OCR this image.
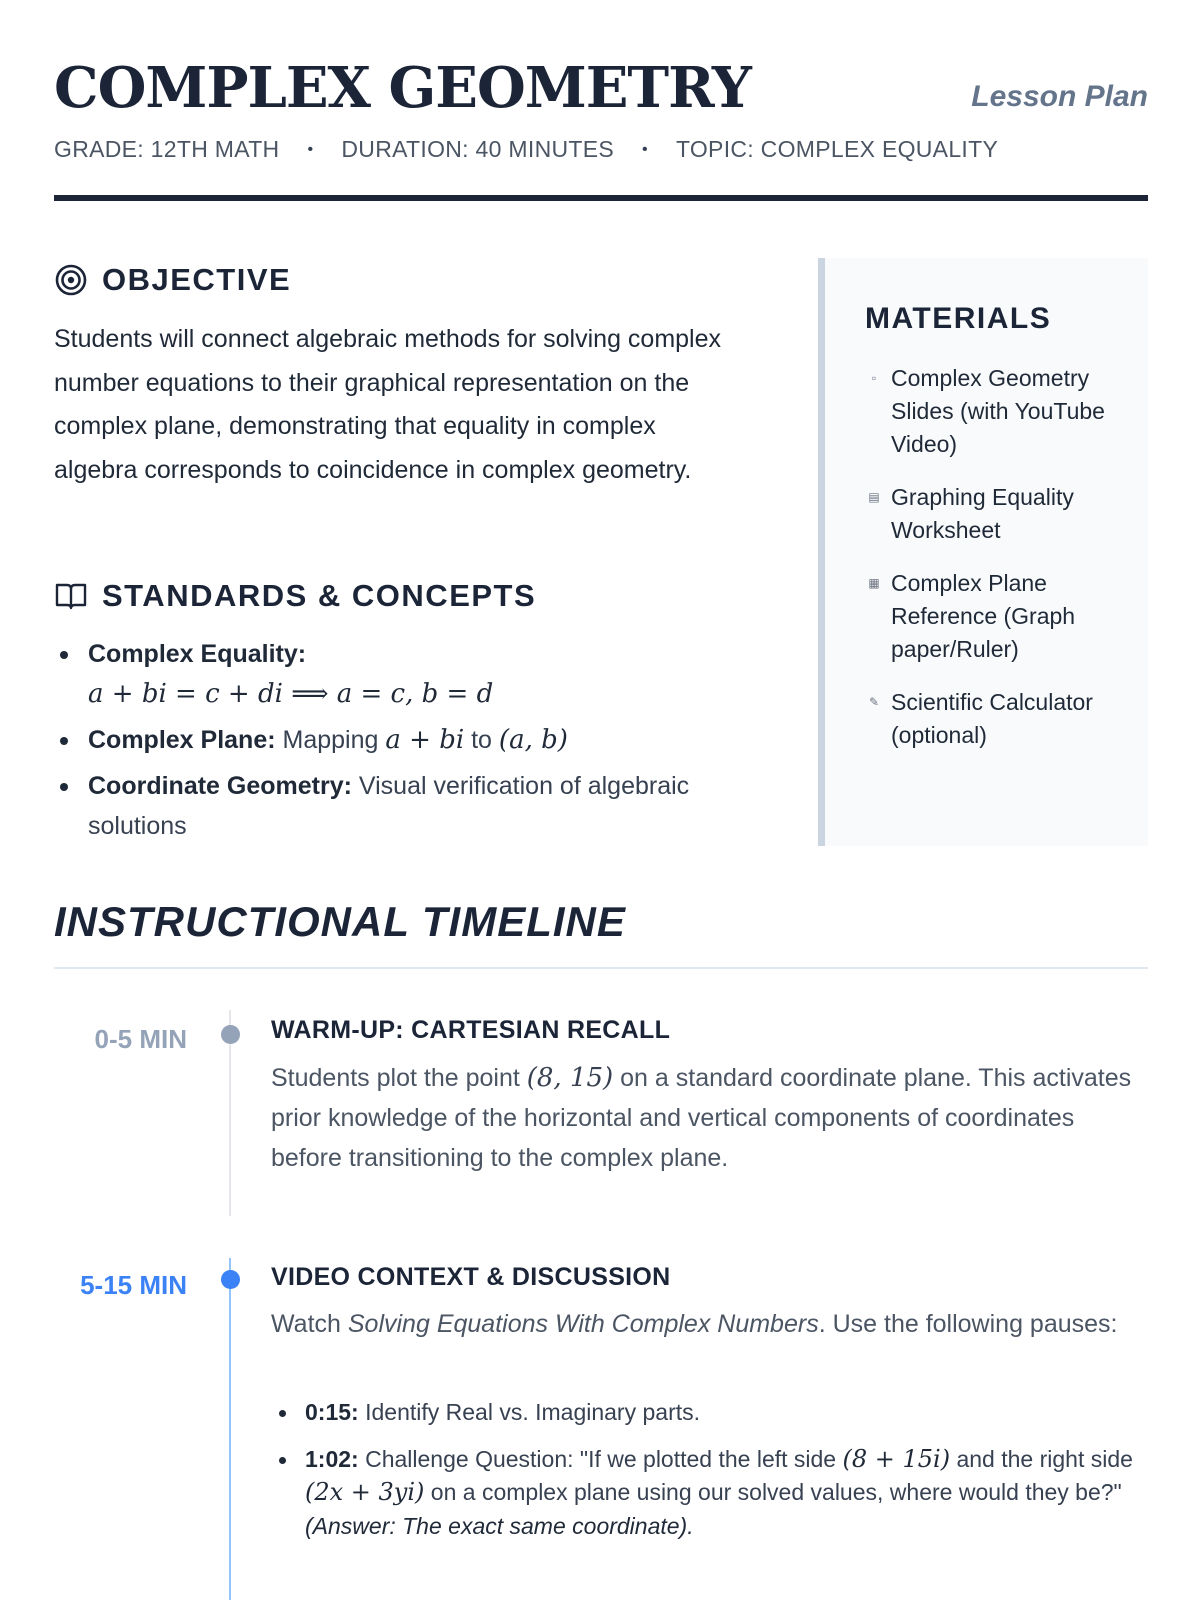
COMPLEX GEOMETRY	Lesson Plan
GRADE: 12TH MATH • DURATION: 40 MINUTES • TOPIC: COMPLEX EQUALITY
OBJECTIVE

Students will connect algebraic methods for solving complex number equations to their graphical representation on the complex plane, demonstrating that equality in complex algebra corresponds to coincidence in complex geometry.

STANDARDS & CONCEPTS
Complex Equality:
a + bi = c + di ⟹ a = c, b = d
Complex Plane: Mapping a + bi to (a, b)
Coordinate Geometry: Visual verification of algebraic solutions
MATERIALS
▫ Complex Geometry Slides (with YouTube Video)
▤ Graphing Equality Worksheet
▦ Complex Plane Reference (Graph paper/Ruler)
✎ Scientific Calculator (optional)
INSTRUCTIONAL TIMELINE
0-5 MIN	WARM-UP: CARTESIAN RECALL

Students plot the point (8, 15) on a standard coordinate plane. This activates prior knowledge of the horizontal and vertical components of coordinates before transitioning to the complex plane.

5-15 MIN	VIDEO CONTEXT & DISCUSSION

Watch Solving Equations With Complex Numbers. Use the following pauses:

0:15: Identify Real vs. Imaginary parts.
1:02: Challenge Question: "If we plotted the left side (8 + 15i) and the right side (2x + 3yi) on a complex plane using our solved values, where would they be?"
(Answer: The exact same coordinate).
